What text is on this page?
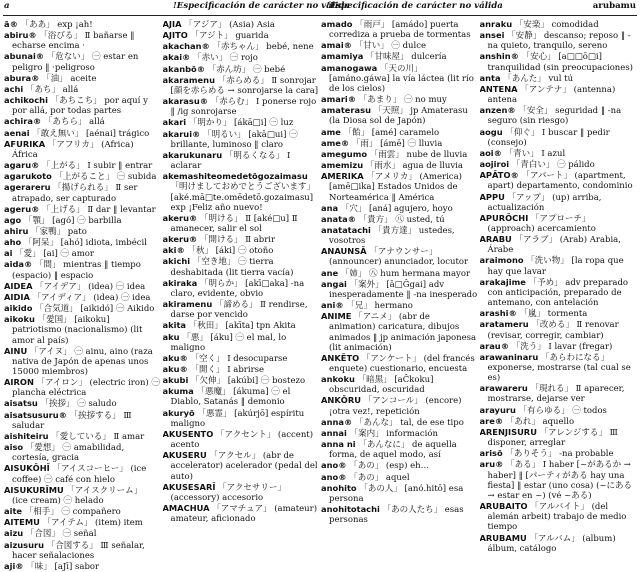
a	!Especificación de carácter no válida
!Especificación de carácter no válida	arubamu

ā® 「ああ」 exp ¡ah!

abiru® 「浴びる」 Ⅱ bañarse ‖ echarse encima ·

abunai® 「危ない」 ㊀ estar en peligro ‖ ·peligroso

abura® 「油」 aceite

achi 「あち」 allá

achikochi 「あちこち」 por aquí y por allá, por todas partes

achira® 「あちら」 allá

aenai 「敢え無い」 [aénai] trágico

AFURIKA 「アフリカ」 (Africa) África

agaru® 「上がる」 Ⅰ subir ‖ entrar

agarukoto 「上がること」 ㊀ subida

agerareru 「揚げられる」 Ⅱ ser atrapado, ser capturado

ageru® 「上げる」 Ⅱ dar ‖ levantar

ago 「顎」 [agó] ㊀ barbilla

ahiru 「家鴨」 pato

aho 「阿呆」 [ahó] idiota, imbécil

ai 「愛」 [ai] ㊀ amor

aida® 「間」 mientras ‖ tiempo (espacio) ‖ espacio

AIDEA 「アイデア」 (idea) ㊀ idea

AIDIA 「アイディア」 (idea) ㊀ idea

aikido 「合気道」 [aikidó] ㊀ Aikido

aikoku 「愛国」 [aikoku] patriotismo (nacionalismo) (lit amor al país)

AINU 「アイヌ」 ㊀ ainu, aino (raza nativa de Japón de apenas unos 15000 miembros)

AIRON 「アイロン」 (electric iron) ㊀ plancha eléctrica

aisatsu 「挨拶」 ㊀ saludo

aisatsusuru® 「挨拶する」 Ⅲ saludar

aishiteiru 「愛している」 Ⅱ amar

aiso 「愛想」 ㊀ amabilidad, cortesía, gracia

AISUKŌHĪ 「アイスコーヒー」 (ice coffee) ㊀ café con hielo

AISUKURĪMU 「アイスクリーム」 (ice cream) ㊀ helado

aite 「相手」 ㊀ compañero

AITEMU 「アイテム」 (item) item

aizu 「合図」 ㊀ señal

aizusuru 「合図する」 Ⅲ señalar, hacer señalaciones

aji® 「味」 [aJī] sabor

AJIA 「アジア」 (Asia) Asia

AJITO 「アジト」 guarida

akachan® 「赤ちゃん」 bebé, nene

akai® 「赤い」 ㊀ rojo

akanbō® 「赤ん坊」 ㊀ bebé

akaramenu 「赤らめる」 Ⅱ sonrojar [顔を赤らめる → sonrojarse la cara]

akarasu® 「赤らむ」 Ⅰ ponerse rojo ‖ /ig sonrojarse

akari 「明かり」 [ákā□i] ㊀ luz

akarui® 「明るい」 [akā□ui] ㊀ brillante, luminoso ‖ claro

akarukunaru 「明るくなる」 Ⅰ aclarar

akemashiteomedetōgozaimasu 「明けましておめでとうございます」 [aké.mā□te.omēdetō.gozaimasu] exp ¡Feliz año nuevo!

akeru® 「明ける」 Ⅱ [aké□u] Ⅱ amanecer, salir el sol

akeru® 「開ける」 Ⅱ abrir

aki® 「秋」 [áki] ㊀ otoño

akichi 「空き地」 ㊀ tierra deshabitada (lit tierra vacía)

akiraka 「明らか」 [akī□aka] -na claro, evidente, obvio

akiramenu 「諦める」 Ⅱ rendirse, darse por vencido

akita 「秋田」 [akīta] tpn Akita

aku 「悪」 [áku] ㊀ el mal, lo maligno

aku® 「空く」 Ⅰ desocuparse

aku® 「開く」 Ⅰ abrirse

akubi 「欠伸」 [akúbi] ㊀ bostezo

akuma 「悪魔」 [ákuma] ㊀ el Diablo, Satanás ‖ demonio

akuryō 「悪霊」 [akúrjō] espíritu maligno

AKUSENTO 「アクセント」 (accent) acento

AKUSERU 「アクセル」 (abr de accelerator) acelerador (pedal del auto)

AKUSESARĪ 「アクセサリー」 (accessory) accesorio

AMACHUA 「アマチュア」 (amateur) amateur, aficionado

amado 「雨戸」 [amádo] puerta corrediza a prueba de tormentas

amai® 「甘い」 ㊀ dulce

amamiya 「甘味屋」 dulcería

amanogawa 「天の川」 [amáno.gáwa] la vía láctea (lit río de los cielos)

amari® 「あまり」 ㊀ no muy

amaterasu 「天照」 jp Amaterasu (la Diosa sol de Japón)

ame 「飴」 [amé] caramelo

ame® 「雨」 [ámē] ㊀ lluvia

amegumo 「雨雲」 nube de lluvia

amemizu 「雨水」 agua de lluvia

AMERIKA 「アメリカ」 (America) [amē□ika] Estados Unidos de Norteamérica ‖ América

ana 「穴」 [aná] agujero, hoyo

anata® 「貴方」 ㊇ usted, tú

anatatachi 「貴方達」 ustedes, vosotros

ANAUNSĀ 「アナウンサー」 (announcer) anunciador, locutor

ane 「姉」 ㊇ hum hermana mayor

angai 「案外」 [ā□Ĝgai] adv inesperadamente ‖ -na inesperado

ani® 「兄」 hermano

ANIME 「アニメ」 (abr de animation) caricatura, dibujos animados ‖ jp animación japonesa (lit animación)

ANKĒTO 「アンケート」 (del francés enquete) cuestionario, encuesta

ankoku 「暗黒」 [aĈkoku] obscuridad, oscuridad

ANKŌRU 「アンコール」 (encore) ¡otra vez!, repetición

anna® 「あんな」 tal, de ese tipo

annai 「案内」 información

anna ni 「あんなに」 de aquella forma, de aquel modo, así

ano® 「あの」 (esp) eh…

ano® 「あの」 aquel

anohito 「あの人」 [anó.hitō] esa persona

anohitotachi 「あの人たち」 esas personas

anraku 「安楽」 comodidad

ansei 「安静」 descanso; reposo ‖ -na quieto, tranquilo, sereno

anshin® 「安心」 [a□□ō□i] tranquilidad (sin preocupaciones)

anta 「あんた」 vul tú

ANTENA 「アンテナ」 (antenna) antena

anzen® 「安全」 seguridad ‖ -na seguro (sin riesgo)

aogu 「仰ぐ」 Ⅰ buscar ‖ pedir (consejo)

aoi® 「青い」 Ⅰ azul

aojiroi 「青白い」 ㊀ pálido

APĀTO® 「アパート」 (apartment, apart) departamento, condominio

APPU 「アップ」 (up) arriba, actualización

APURŌCHI 「アプローチ」 (approach) acercamiento

ARABU 「アラブ」 (Arab) Arabia, Árabe

araimono 「洗い物」 [la ropa que hay que lavar

arakajime 「予め」 adv preparado con anticipación, preparado de antemano, con antelación

arashi® 「嵐」 tormenta

aratameru 「改める」 Ⅱ renovar (revisar, corregir, cambiar)

arau® 「洗う」 Ⅰ lavar (fregar)

arawaninaru 「あらわになる」 exponerse, mostrarse (tal cual se es)

arawareru 「現れる」 Ⅱ aparecer, mostrarse, dejarse ver

arayuru 「有らゆる」 ㊀ todos

are® 「あれ」 aquello

ARENJISURU 「アレンジする」 Ⅲ disponer, arreglar

arisō 「ありそう」 -na probable

aru® 「ある」 Ⅰ haber [~があるか → haber] ‖ [パーティがある hay una fiesta] ‖ estar (uno cosa) (~にある → estar en ~) (vé ~ある)

ARUBAITO 「アルバイト」 (del alemán arbeit) trabajo de medio tiempo

ARUBAMU 「アルバム」 (album) álbum, catálogo
